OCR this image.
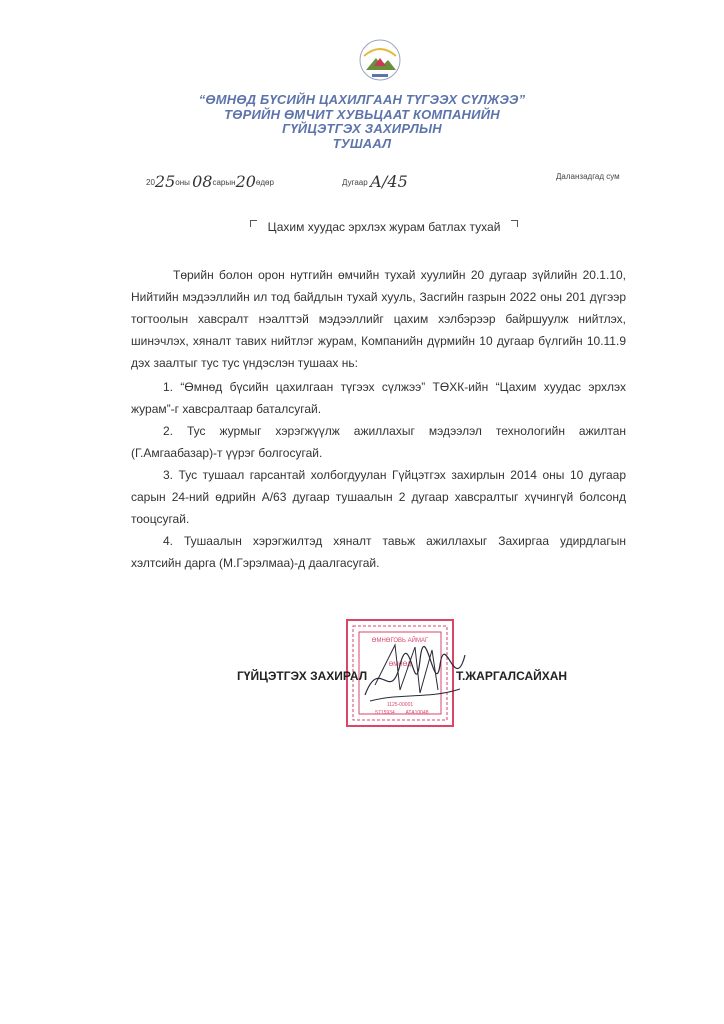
“ӨМНӨД БҮСИЙН ЦАХИЛГААН ТҮГЭЭХ СҮЛЖЭЭ”
ТӨРИЙН ӨМЧИТ ХУВЬЦААТ КОМПАНИЙН
ГҮЙЦЭТГЭХ ЗАХИРЛЫН
ТУШААЛ
2025оны 08сарын20өдөр	Дугаар А/45	Даланзадгад сум
Цахим хуудас эрхлэх журам батлах тухай
Төрийн болон орон нутгийн өмчийн тухай хуулийн 20 дугаар зүйлийн 20.1.10, Нийтийн мэдээллийн ил тод байдлын тухай хууль, Засгийн газрын 2022 оны 201 дүгээр тогтоолын хавсралт нэалттэй мэдээллийг цахим хэлбэрээр байршуулж нийтлэх, шинэчлэх, хяналт тавих нийтлэг журам, Компанийн дүрмийн 10 дугаар бүлгийн 10.11.9 дэх заалтыг тус тус үндэслэн тушаах нь:

1. “Өмнөд бүсийн цахилгаан түгээх сүлжээ” ТӨХК-ийн “Цахим хуудас эрхлэх журам”-г хавсралтаар баталсугай.

2. Тус журмыг хэрэгжүүлж ажиллахыг мэдээлэл технологийн ажилтан (Г.Амгаабазар)-т үүрэг болгосугай.

3. Тус тушаал гарсантай холбогдуулан Гүйцэтгэх захирлын 2014 оны 10 дугаар сарын 24-ний өдрийн А/63 дугаар тушаалын 2 дугаар хавсралтыг хүчингүй болсонд тооцсугай.

4. Тушаалын хэрэгжилтэд хяналт тавьж ажиллахыг Захиргаа удирдлагын хэлтсийн дарга (М.Гэрэлмаа)-д даалгасугай.

ӨМНӨГОВЬ АЙМАГ
ӨМНӨД
1125-00001
5715934 АТА10048
ГҮЙЦЭТГЭХ ЗАХИРАЛ	Т.ЖАРГАЛСАЙХАН
